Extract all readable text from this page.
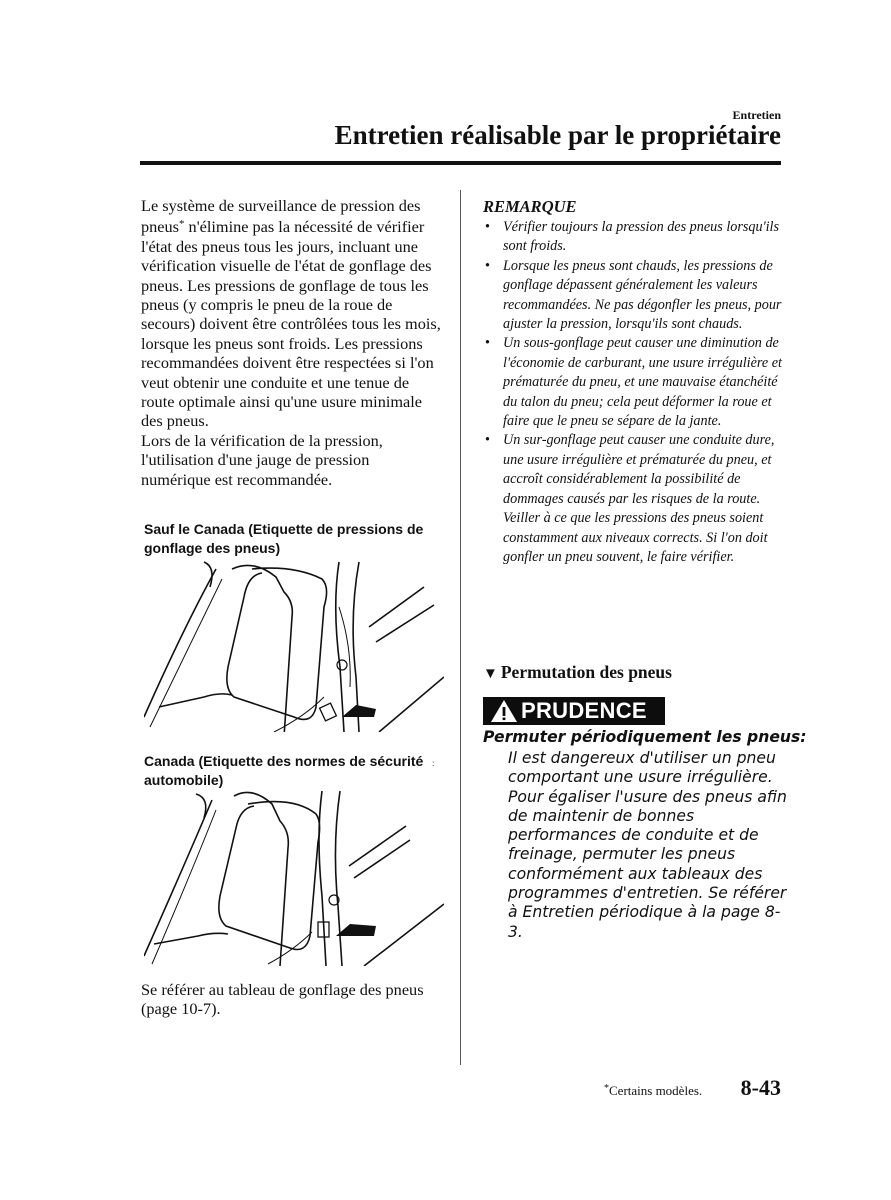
Entretien
Entretien réalisable par le propriétaire

Le système de surveillance de pression des pneus* n'élimine pas la nécessité de vérifier l'état des pneus tous les jours, incluant une vérification visuelle de l'état de gonflage des pneus. Les pressions de gonflage de tous les pneus (y compris le pneu de la roue de secours) doivent être contrôlées tous les mois, lorsque les pneus sont froids. Les pressions recommandées doivent être respectées si l'on veut obtenir une conduite et une tenue de route optimale ainsi qu'une usure minimale des pneus.

Lors de la vérification de la pression, l'utilisation d'une jauge de pression numérique est recommandée.

Sauf le Canada (Etiquette de pressions de gonflage des pneus)

Canada (Etiquette des normes de sécurité automobile)

:

Se référer au tableau de gonflage des pneus (page 10-7).

REMARQUE

• Vérifier toujours la pression des pneus lorsqu'ils sont froids.
• Lorsque les pneus sont chauds, les pressions de gonflage dépassent généralement les valeurs recommandées. Ne pas dégonfler les pneus, pour ajuster la pression, lorsqu'ils sont chauds.
• Un sous-gonflage peut causer une diminution de l'économie de carburant, une usure irrégulière et prématurée du pneu, et une mauvaise étanchéité du talon du pneu; cela peut déformer la roue et faire que le pneu se sépare de la jante.
• Un sur-gonflage peut causer une conduite dure, une usure irrégulière et prématurée du pneu, et accroît considérablement la possibilité de dommages causés par les risques de la route.

Veiller à ce que les pressions des pneus soient constamment aux niveaux corrects. Si l'on doit gonfler un pneu souvent, le faire vérifier.

▼ Permutation des pneus
PRUDENCE
Permuter périodiquement les pneus:

Il est dangereux d'utiliser un pneu comportant une usure irrégulière. Pour égaliser l'usure des pneus afin de maintenir de bonnes performances de conduite et de freinage, permuter les pneus conformément aux tableaux des programmes d'entretien. Se référer à Entretien périodique à la page 8-3.

*Certains modèles. 8-43
